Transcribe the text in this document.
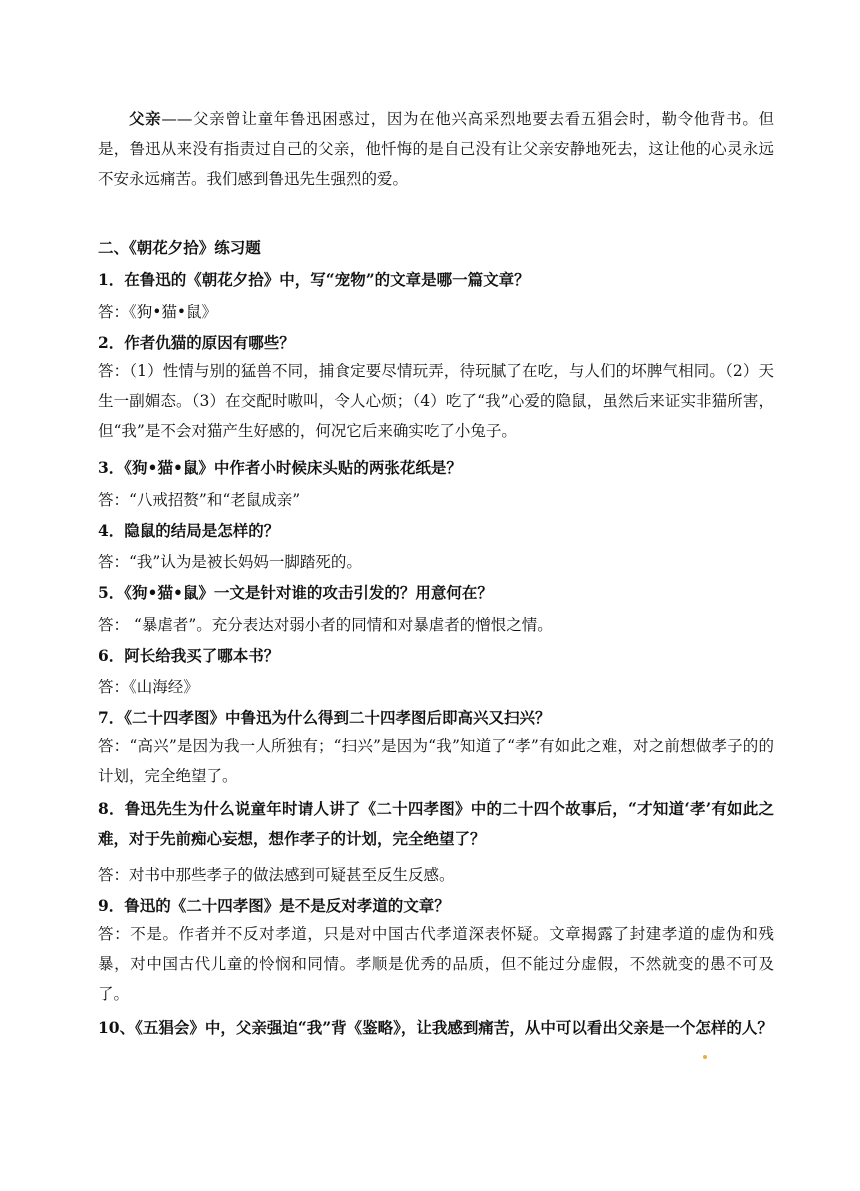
父亲——父亲曾让童年鲁迅困惑过，因为在他兴高采烈地要去看五猖会时，勒令他背书。但是，鲁迅从来没有指责过自己的父亲，他忏悔的是自己没有让父亲安静地死去，这让他的心灵永远不安永远痛苦。我们感到鲁迅先生强烈的爱。
二、《朝花夕拾》练习题
1．在鲁迅的《朝花夕拾》中，写“宠物”的文章是哪一篇文章？
答：《狗•猫•鼠》
2．作者仇猫的原因有哪些？
答：（1）性情与别的猛兽不同，捕食定要尽情玩弄，待玩腻了在吃，与人们的坏脾气相同。（2）天生一副媚态。（3）在交配时嗷叫，令人心烦；（4）吃了“我”心爱的隐鼠，虽然后来证实非猫所害，但“我”是不会对猫产生好感的，何况它后来确实吃了小兔子。
3．《狗•猫•鼠》中作者小时候床头贴的两张花纸是？
答：“八戒招赘”和“老鼠成亲”
4．隐鼠的结局是怎样的？
答：“我”认为是被长妈妈一脚踏死的。
5．《狗•猫•鼠》一文是针对谁的攻击引发的？用意何在？
答： “暴虐者”。充分表达对弱小者的同情和对暴虐者的憎恨之情。
6．阿长给我买了哪本书？
答：《山海经》
7．《二十四孝图》中鲁迅为什么得到二十四孝图后即高兴又扫兴？
答：“高兴”是因为我一人所独有；“扫兴”是因为“我”知道了“孝”有如此之难，对之前想做孝子的的计划，完全绝望了。
8．鲁迅先生为什么说童年时请人讲了《二十四孝图》中的二十四个故事后，“才知道‘孝’有如此之难，对于先前痴心妄想，想作孝子的计划，完全绝望了？
答：对书中那些孝子的做法感到可疑甚至反生反感。
9．鲁迅的《二十四孝图》是不是反对孝道的文章？
答：不是。作者并不反对孝道，只是对中国古代孝道深表怀疑。文章揭露了封建孝道的虚伪和残暴，对中国古代儿童的怜悯和同情。孝顺是优秀的品质，但不能过分虚假，不然就变的愚不可及了。
10、《五猖会》中，父亲强迫“我”背《鉴略》，让我感到痛苦，从中可以看出父亲是一个怎样的人？
